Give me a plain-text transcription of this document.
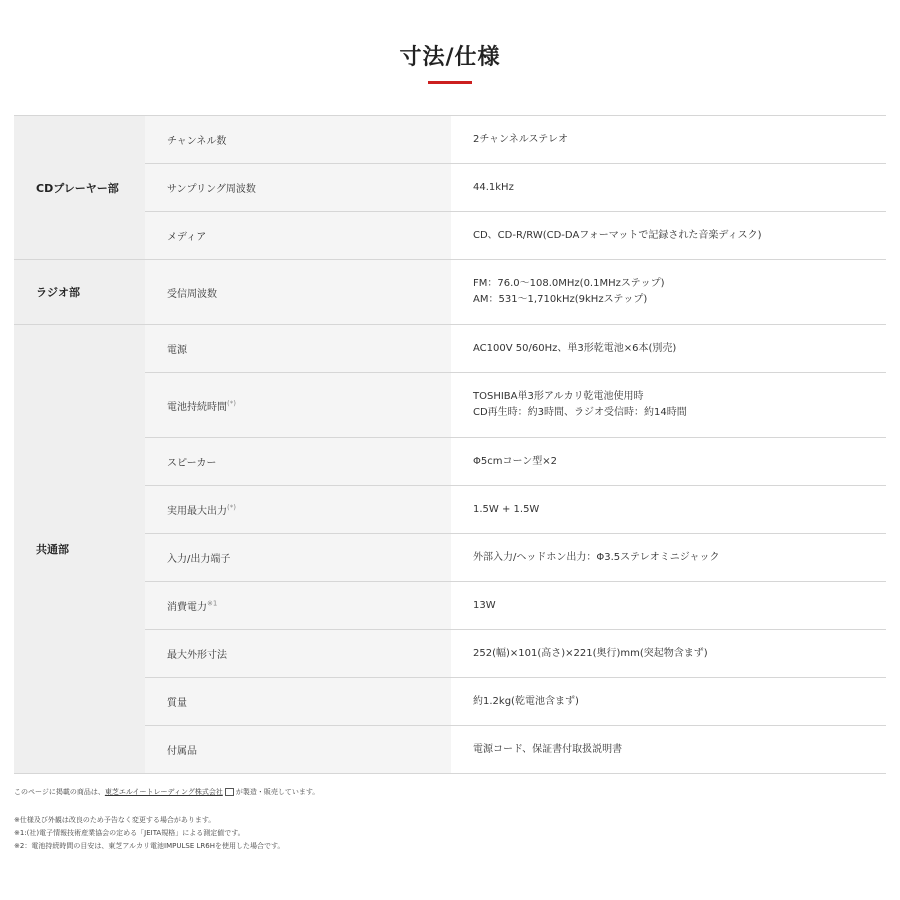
寸法/仕様
CDプレーヤー部	チャンネル数	2チャンネルステレオ
	サンプリング周波数	44.1kHz
	メディア	CD、CD-R/RW(CD-DAフォーマットで記録された音楽ディスク)
ラジオ部	受信周波数	FM：76.0～108.0MHz(0.1MHzステップ)
AM：531～1,710kHz(9kHzステップ)

共通部	電源	AC100V 50/60Hz、単3形乾電池×6本(別売)
	電池持続時間(*)	TOSHIBA単3形アルカリ乾電池使用時
CD再生時：約3時間、ラジオ受信時：約14時間

	スピーカー	Φ5cmコーン型×2
	実用最大出力(*)	1.5W + 1.5W
	入力/出力端子	外部入力/ヘッドホン出力：Φ3.5ステレオミニジャック
	消費電力$^{※1}$	13W
	最大外形寸法	252(幅)×101(高さ)×221(奥行)mm(突起物含まず)
	質量	約1.2kg(乾電池含まず)
	付属品	電源コード、保証書付取扱説明書
このページに掲載の商品は、東芝エルイートレーディング株式会社 が製造・販売しています。
※仕様及び外観は改良のため予告なく変更する場合があります。
※1:(社)電子情報技術産業協会の定める「JEITA規格」による測定値です。
※2：電池持続時間の目安は、東芝アルカリ電池IMPULSE LR6Hを使用した場合です。
